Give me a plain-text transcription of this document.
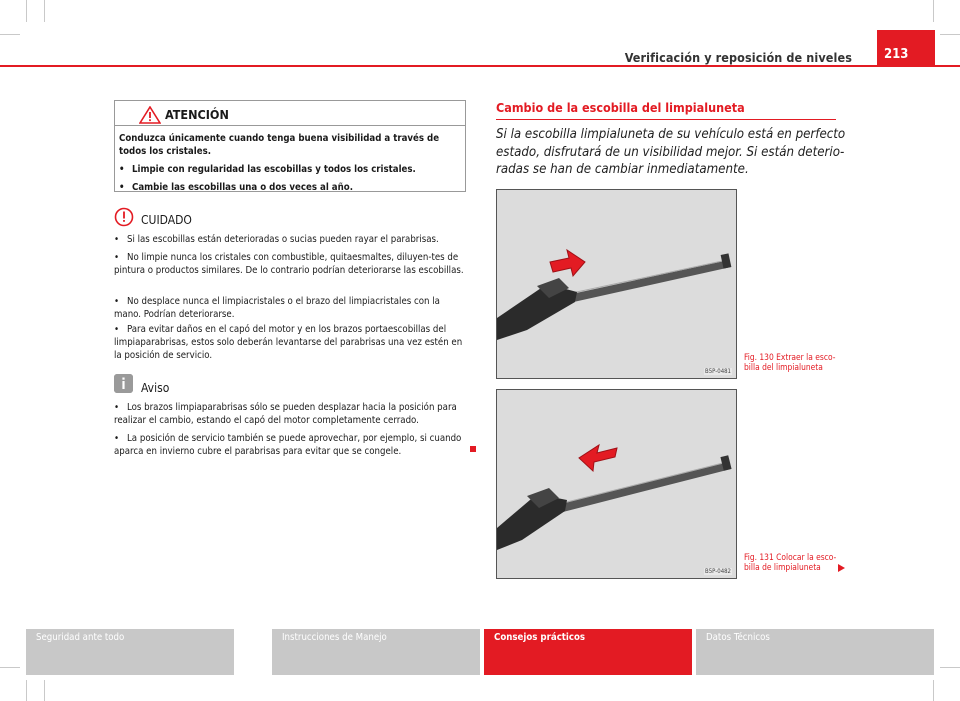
Verificación y reposición de niveles	213
ATENCIÓN
Conduzca únicamente cuando tenga buena visibilidad a través de todos los cristales.
• Limpie con regularidad las escobillas y todos los cristales.
• Cambie las escobillas una o dos veces al año.
CUIDADO
• Si las escobillas están deterioradas o sucias pueden rayar el parabrisas.
• No limpie nunca los cristales con combustible, quitaesmaltes, diluyen-tes de pintura o productos similares. De lo contrario podrían deteriorarse las escobillas.
• No desplace nunca el limpiacristales o el brazo del limpiacristales con la mano. Podrían deteriorarse.
• Para evitar daños en el capó del motor y en los brazos portaescobillas del limpiaparabrisas, estos solo deberán levantarse del parabrisas una vez estén en la posición de servicio.
Aviso
• Los brazos limpiaparabrisas sólo se pueden desplazar hacia la posición para realizar el cambio, estando el capó del motor completamente cerrado.
• La posición de servicio también se puede aprovechar, por ejemplo, si cuando aparca en invierno cubre el parabrisas para evitar que se congele.
Cambio de la escobilla del limpialuneta
Si la escobilla limpialuneta de su vehículo está en perfecto estado, disfrutará de un visibilidad mejor. Si están deterio-radas se han de cambiar inmediatamente.
B5P-0481
Fig. 130 Extraer la esco-
billa del limpialuneta
B5P-0482
Fig. 131 Colocar la esco-
billa de limpialuneta
Seguridad ante todo	Instrucciones de Manejo	Consejos prácticos	Datos Técnicos
